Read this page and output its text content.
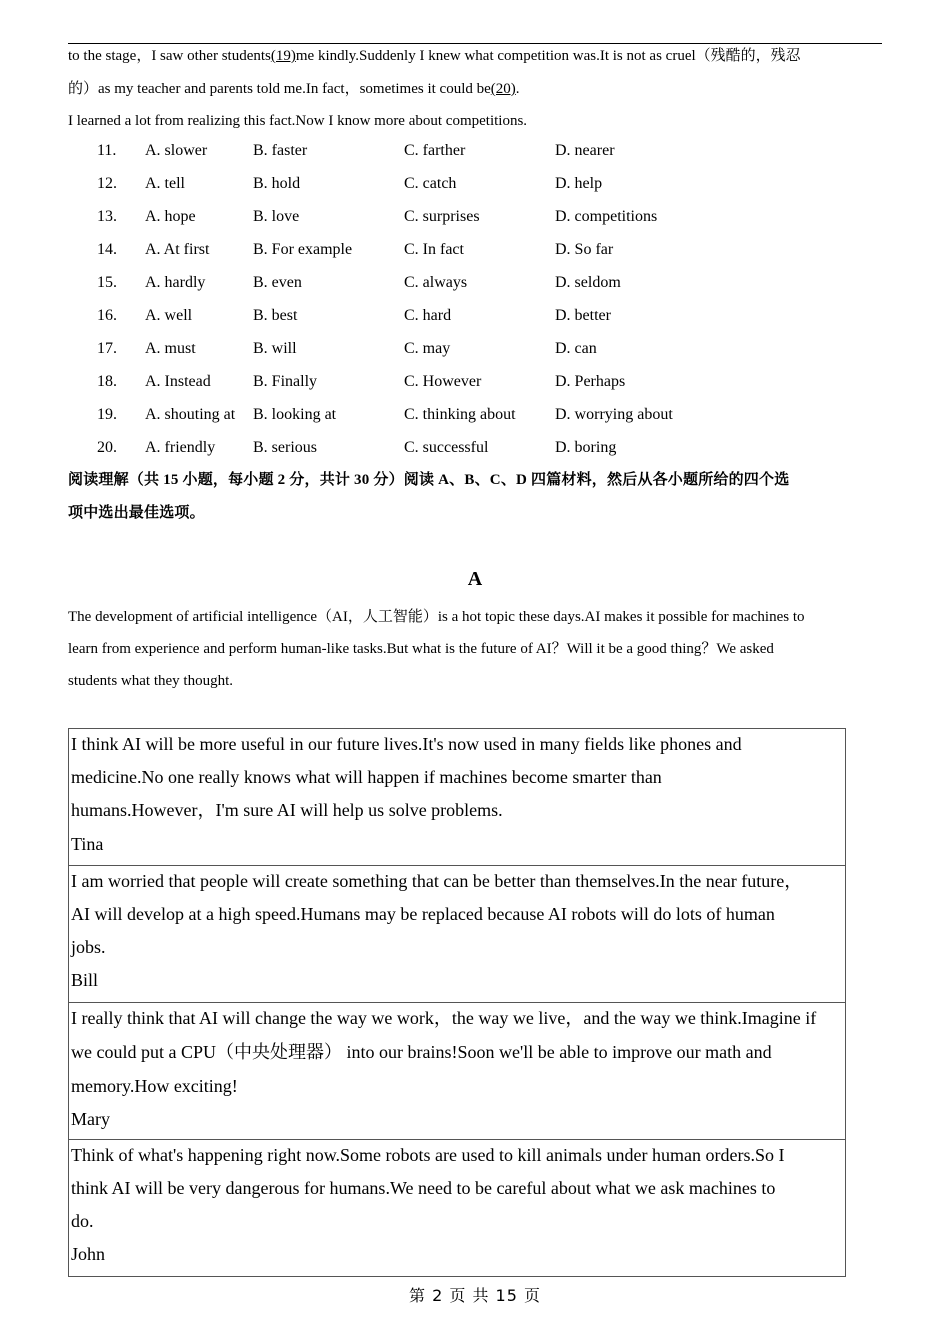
to the stage，I saw other students(19)me kindly.Suddenly I knew what competition was.It is not as cruel（残酷的，残忍
的）as my teacher and parents told me.In fact，sometimes it could be(20).
I learned a lot from realizing this fact.Now I know more about competitions.
11. A. slower	B. faster	C. farther	D. nearer
12. A. tell	B. hold	C. catch	D. help
13. A. hope	B. love	C. surprises	D. competitions
14. A. At first	B. For example	C. In fact	D. So far
15. A. hardly	B. even	C. always	D. seldom
16. A. well	B. best	C. hard	D. better
17. A. must	B. will	C. may	D. can
18. A. Instead	B. Finally	C. However	D. Perhaps
19. A. shouting at B. looking at	C. thinking about D. worrying about
20. A. friendly B. serious	C. successful	D. boring
阅读理解（共 15 小题，每小题 2 分，共计 30 分）阅读 A、B、C、D 四篇材料，然后从各小题所给的四个选
项中选出最佳选项。
A
The development of artificial intelligence（AI，人工智能）is a hot topic these days.AI makes it possible for machines to
learn from experience and perform human-like tasks.But what is the future of AI？Will it be a good thing？We asked
students what they thought.
I think AI will be more useful in our future lives.It's now used in many fields like phones and
medicine.No one really knows what will happen if machines become smarter than
humans.However，I'm sure AI will help us solve problems.
Tina
I am worried that people will create something that can be better than themselves.In the near future，
AI will develop at a high speed.Humans may be replaced because AI robots will do lots of human
jobs.
Bill
I really think that AI will change the way we work，the way we live，and the way we think.Imagine if
we could put a CPU（中央处理器） into our brains!Soon we'll be able to improve our math and
memory.How exciting!
Mary
Think of what's happening right now.Some robots are used to kill animals under human orders.So I
think AI will be very dangerous for humans.We need to be careful about what we ask machines to
do.
John
第 2 页 共 15 页
